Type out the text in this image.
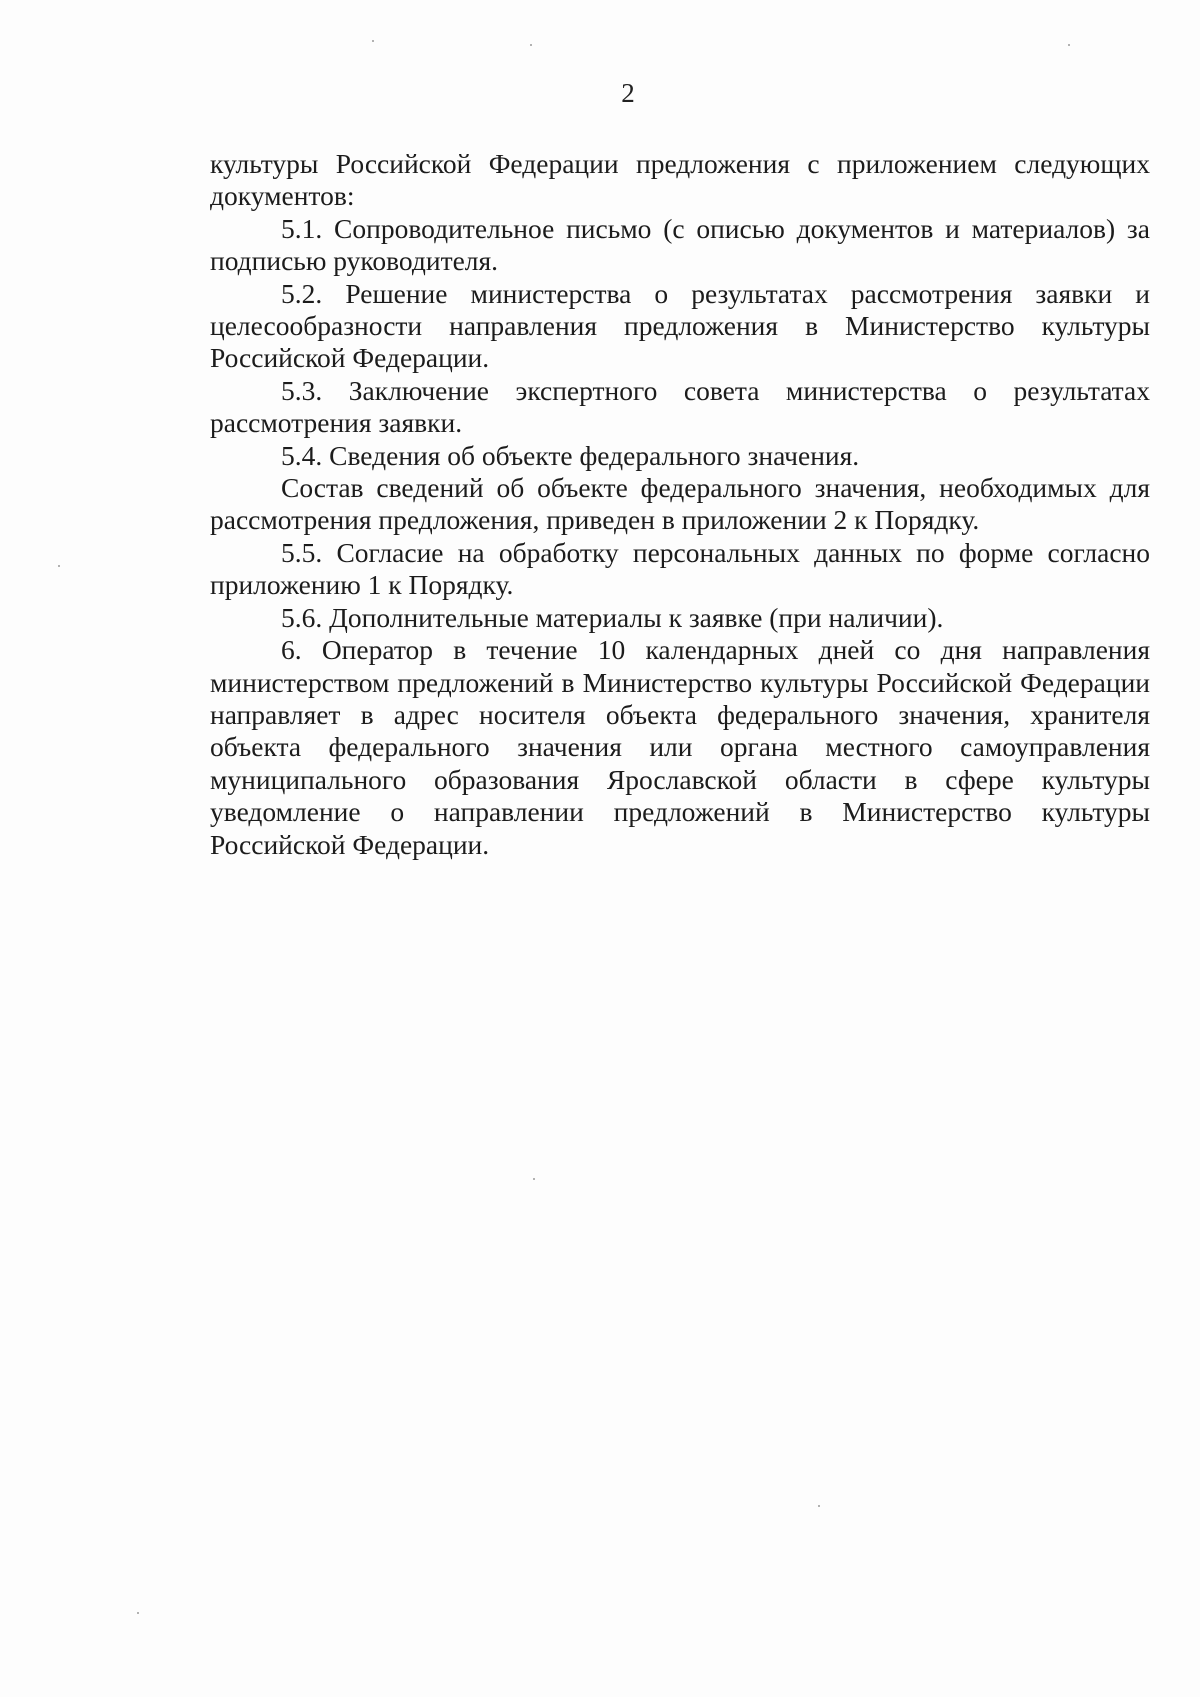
2

культуры Российской Федерации предложения с приложением следующих документов:

5.1. Сопроводительное письмо (с описью документов и материалов) за подписью руководителя.

5.2. Решение министерства о результатах рассмотрения заявки и целесообразности направления предложения в Министерство культуры Российской Федерации.

5.3. Заключение экспертного совета министерства о результатах рассмотрения заявки.

5.4. Сведения об объекте федерального значения.

Состав сведений об объекте федерального значения, необходимых для рассмотрения предложения, приведен в приложении 2 к Порядку.

5.5. Согласие на обработку персональных данных по форме согласно приложению 1 к Порядку.

5.6. Дополнительные материалы к заявке (при наличии).

6. Оператор в течение 10 календарных дней со дня направления министерством предложений в Министерство культуры Российской Федерации направляет в адрес носителя объекта федерального значения, хранителя объекта федерального значения или органа местного самоуправления муниципального образования Ярославской области в сфере культуры уведомление о направлении предложений в Министерство культуры Российской Федерации.
